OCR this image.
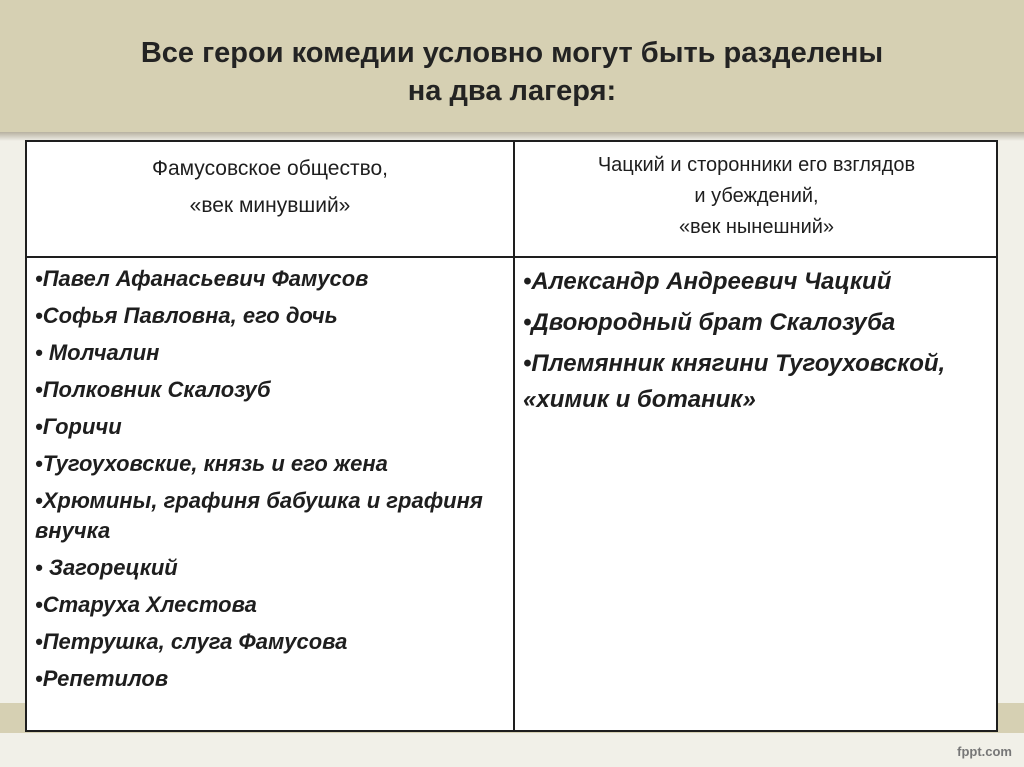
Все герои комедии условно могут быть разделены
на два лагеря:
Фамусовское общество,
«век минувший»
Чацкий и сторонники его взглядов
и убеждений,
«век нынешний»
•Павел Афанасьевич Фамусов
•Софья Павловна, его дочь
• Молчалин
•Полковник Скалозуб
•Горичи
•Тугоуховские, князь и его жена
•Хрюмины, графиня бабушка и графиня внучка
• Загорецкий
•Старуха Хлестова
•Петрушка, слуга Фамусова
•Репетилов
•Александр Андреевич Чацкий
•Двоюродный брат Скалозуба
•Племянник княгини Тугоуховской, «химик и ботаник»
fppt.com
